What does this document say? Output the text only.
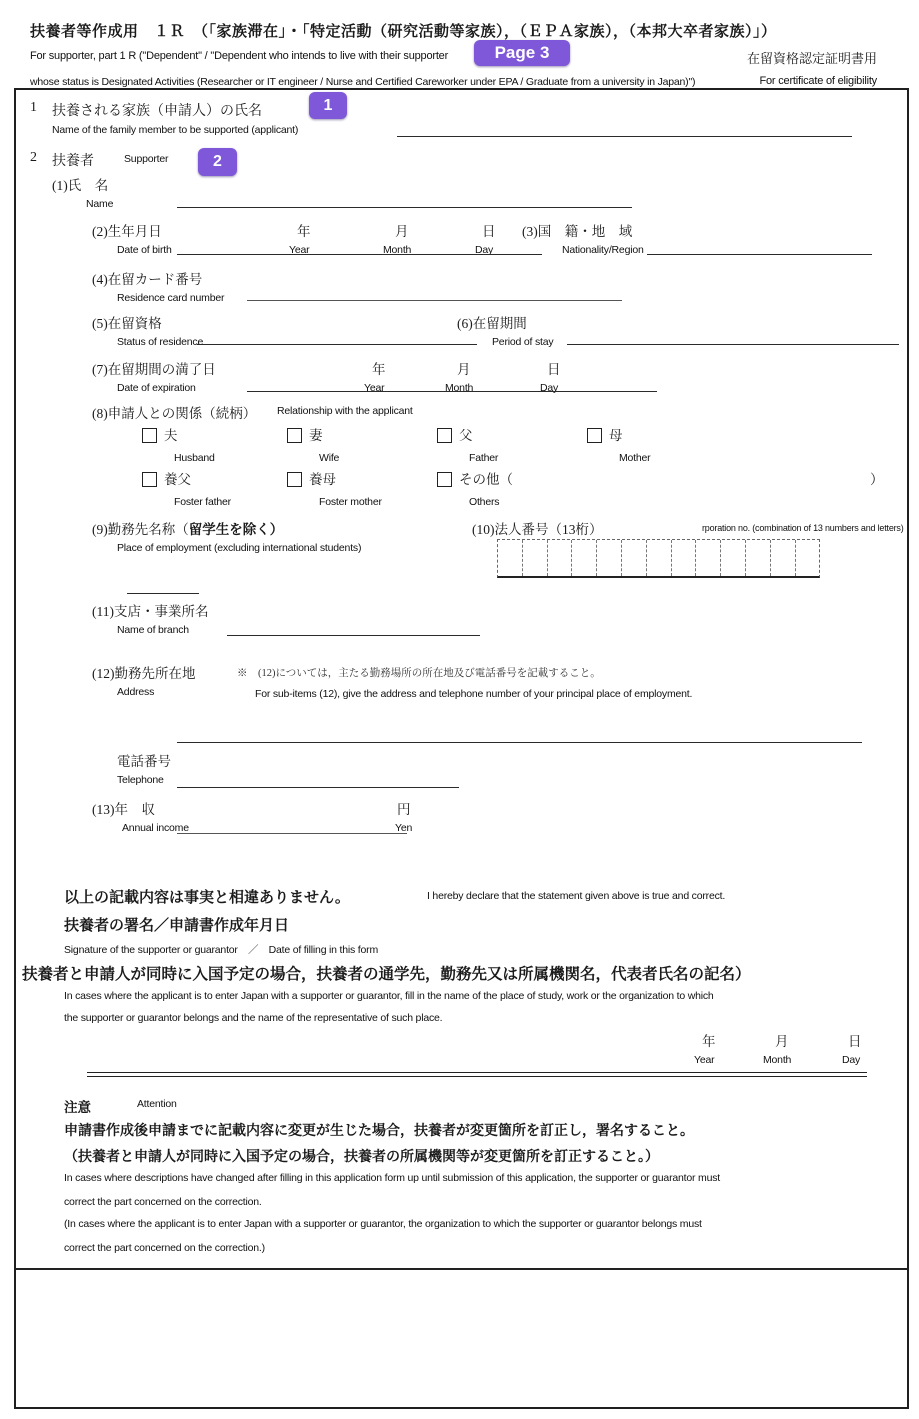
扶養者等作成用　１Ｒ　（「家族滞在」・「特定活動（研究活動等家族），（ＥＰＡ家族），（本邦大卒者家族）」）
For supporter, part 1 R ("Dependent" / "Dependent who intends to live with their supporter	Page 3	在留資格認定証明書用
whose status is Designated Activities (Researcher or IT engineer / Nurse and Certified Careworker under EPA / Graduate from a university in Japan)")	For certificate of eligibility
1 扶養される家族（申請人）の氏名	1
Name of the family member to be supported (applicant)
2 扶養者	Supporter	2
(1)氏　名
Name
(2)生年月日	年	月	日 (3)国　籍・地　域
Date of birth	Year	Month	Day	Nationality/Region
(4)在留カード番号
Residence card number
(5)在留資格	(6)在留期間
Status of residence	Period of stay
(7)在留期間の満了日	年	月	日
Date of expiration	Year	Month	Day
(8)申請人との関係（続柄） Relationship with the applicant
夫
Husband
妻
Wife
父
Father
母
Mother
養父
Foster father
養母
Foster mother
その他（
Others
）
(9)勤務先名称（留学生を除く）
Place of employment (excluding international students)
(10)法人番号（13桁）	rporation no. (combination of 13 numbers and letters)
(11)支店・事業所名
Name of branch
(12)勤務先所在地	※　(12)については，主たる勤務場所の所在地及び電話番号を記載すること。
Address	For sub-items (12), give the address and telephone number of your principal place of employment.
電話番号
Telephone
(13)年　収	円
Annual income	Yen
以上の記載内容は事実と相違ありません。	I hereby declare that the statement given above is true and correct.
扶養者の署名／申請書作成年月日
Signature of the supporter or guarantor　／　Date of filling in this form
扶養者と申請人が同時に入国予定の場合，扶養者の通学先，勤務先又は所属機関名，代表者氏名の記名）
In cases where the applicant is to enter Japan with a supporter or guarantor, fill in the name of the place of study, work or the organization to which
the supporter or guarantor belongs and the name of the representative of such place.
年	月	日
Year	Month	Day
注意	Attention
申請書作成後申請までに記載内容に変更が生じた場合，扶養者が変更箇所を訂正し，署名すること。
（扶養者と申請人が同時に入国予定の場合，扶養者の所属機関等が変更箇所を訂正すること。）
In cases where descriptions have changed after filling in this application form up until submission of this application, the supporter or guarantor must
correct the part concerned on the correction.
(In cases where the applicant is to enter Japan with a supporter or guarantor, the organization to which the supporter or guarantor belongs must
correct the part concerned on the correction.)
